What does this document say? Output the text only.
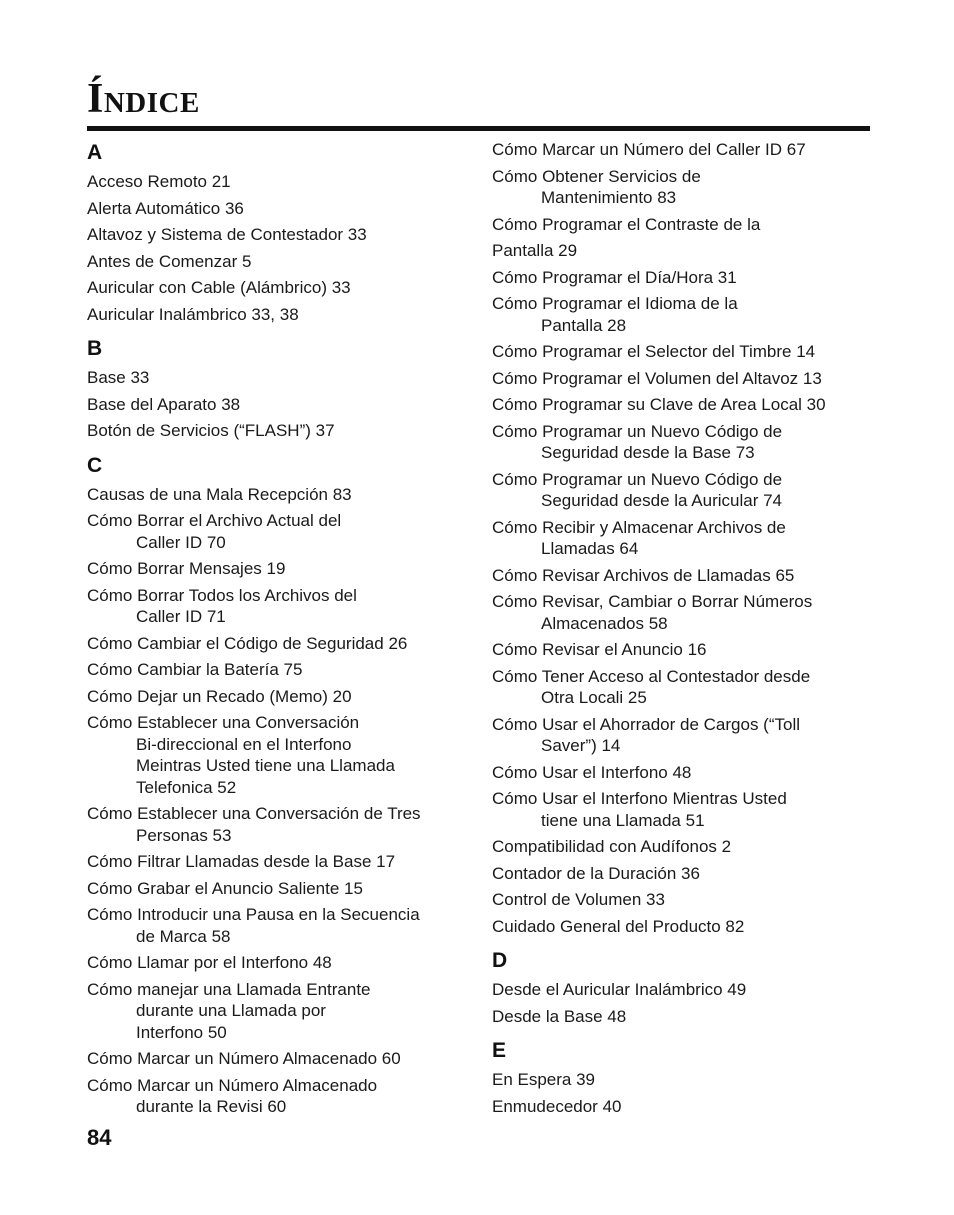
Índice
A
Acceso Remoto 21
Alerta Automático 36
Altavoz y Sistema de Contestador 33
Antes de Comenzar 5
Auricular con Cable (Alámbrico) 33
Auricular Inalámbrico 33, 38
B
Base 33
Base del Aparato 38
Botón de Servicios (“FLASH”) 37
C
Causas de una Mala Recepción 83
Cómo Borrar el Archivo Actual del
Caller ID 70
Cómo Borrar Mensajes 19
Cómo Borrar Todos los Archivos del
Caller ID 71
Cómo Cambiar el Código de Seguridad 26
Cómo Cambiar la Batería 75
Cómo Dejar un Recado (Memo) 20
Cómo Establecer una Conversación
Bi-direccional en el Interfono
Meintras Usted tiene una Llamada
Telefonica 52
Cómo Establecer una Conversación de Tres
Personas 53
Cómo Filtrar Llamadas desde la Base 17
Cómo Grabar el Anuncio Saliente 15
Cómo Introducir una Pausa en la Secuencia
de Marca 58
Cómo Llamar por el Interfono 48
Cómo manejar una Llamada Entrante
durante una Llamada por
Interfono 50
Cómo Marcar un Número Almacenado 60
Cómo Marcar un Número Almacenado
durante la Revisi 60
Cómo Marcar un Número del Caller ID 67
Cómo Obtener Servicios de
Mantenimiento 83
Cómo Programar el Contraste de la
Pantalla 29
Cómo Programar el Día/Hora 31
Cómo Programar el Idioma de la
Pantalla 28
Cómo Programar el Selector del Timbre 14
Cómo Programar el Volumen del Altavoz 13
Cómo Programar su Clave de Area Local 30
Cómo Programar un Nuevo Código de
Seguridad desde la Base 73
Cómo Programar un Nuevo Código de
Seguridad desde la Auricular 74
Cómo Recibir y Almacenar Archivos de
Llamadas 64
Cómo Revisar Archivos de Llamadas 65
Cómo Revisar, Cambiar o Borrar Números
Almacenados 58
Cómo Revisar el Anuncio 16
Cómo Tener Acceso al Contestador desde
Otra Locali 25
Cómo Usar el Ahorrador de Cargos (“Toll
Saver”) 14
Cómo Usar el Interfono 48
Cómo Usar el Interfono Mientras Usted
tiene una Llamada 51
Compatibilidad con Audífonos 2
Contador de la Duración 36
Control de Volumen 33
Cuidado General del Producto 82
D
Desde el Auricular Inalámbrico 49
Desde la Base 48
E
En Espera 39
Enmudecedor 40
84
